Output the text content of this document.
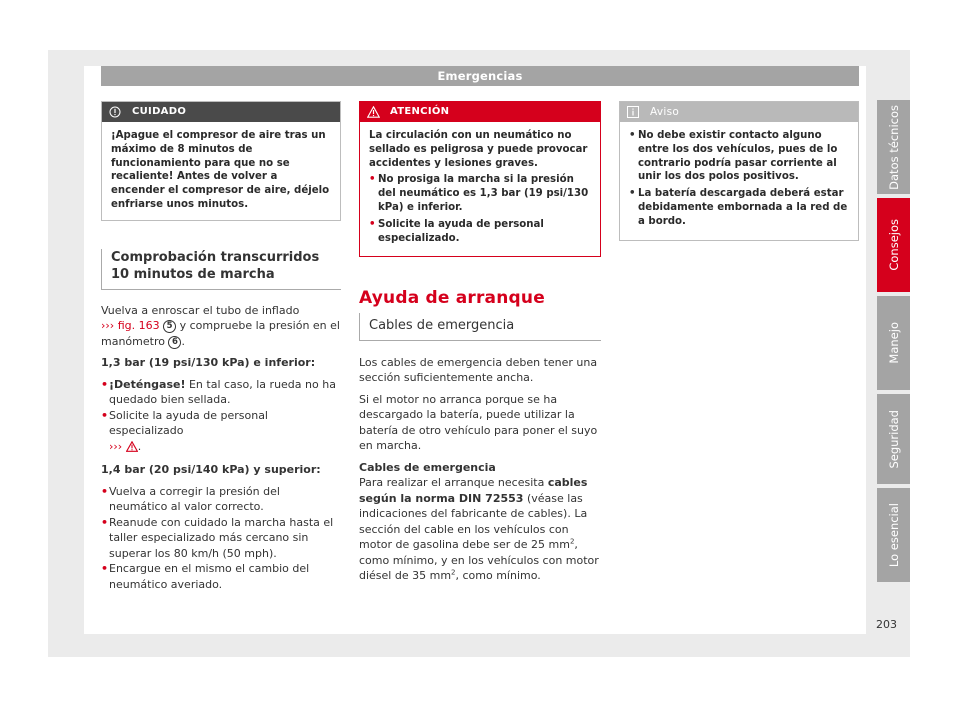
Emergencias
CUIDADO
¡Apague el compresor de aire tras un máximo de 8 minutos de funcionamiento para que no se recaliente! Antes de volver a encender el compresor de aire, déjelo enfriarse unos minutos.
Comprobación transcurridos 10 minutos de marcha

Vuelva a enroscar el tubo de inflado
››› fig. 163 5 y compruebe la presión en el manómetro 6 .

1,3 bar (19 psi/130 kPa) e inferior:

• ¡Deténgase! En tal caso, la rueda no ha quedado bien sellada.
• Solicite la ayuda de personal especializado
››› .

1,4 bar (20 psi/140 kPa) y superior:

• Vuelva a corregir la presión del neumático al valor correcto.
• Reanude con cuidado la marcha hasta el taller especializado más cercano sin superar los 80 km/h (50 mph).
• Encargue en el mismo el cambio del neumático averiado.
ATENCIÓN
La circulación con un neumático no sellado es peligrosa y puede provocar accidentes y lesiones graves.
• No prosiga la marcha si la presión del neumático es 1,3 bar (19 psi/130 kPa) e inferior.
• Solicite la ayuda de personal especializado.
Ayuda de arranque
Cables de emergencia

Los cables de emergencia deben tener una sección suficientemente ancha.

Si el motor no arranca porque se ha descargado la batería, puede utilizar la batería de otro vehículo para poner el suyo en marcha.

Cables de emergencia

Para realizar el arranque necesita cables según la norma DIN 72553 (véase las indicaciones del fabricante de cables). La sección del cable en los vehículos con motor de gasolina debe ser de 25 $mm^2$, como mínimo, y en los vehículos con motor diésel de 35 $mm^2$, como mínimo.

Aviso
• No debe existir contacto alguno entre los dos vehículos, pues de lo contrario podría pasar corriente al unir los dos polos positivos.
• La batería descargada deberá estar debidamente embornada a la red de a bordo.
Datos técnicos
Consejos
Manejo
Seguridad
Lo esencial
203
